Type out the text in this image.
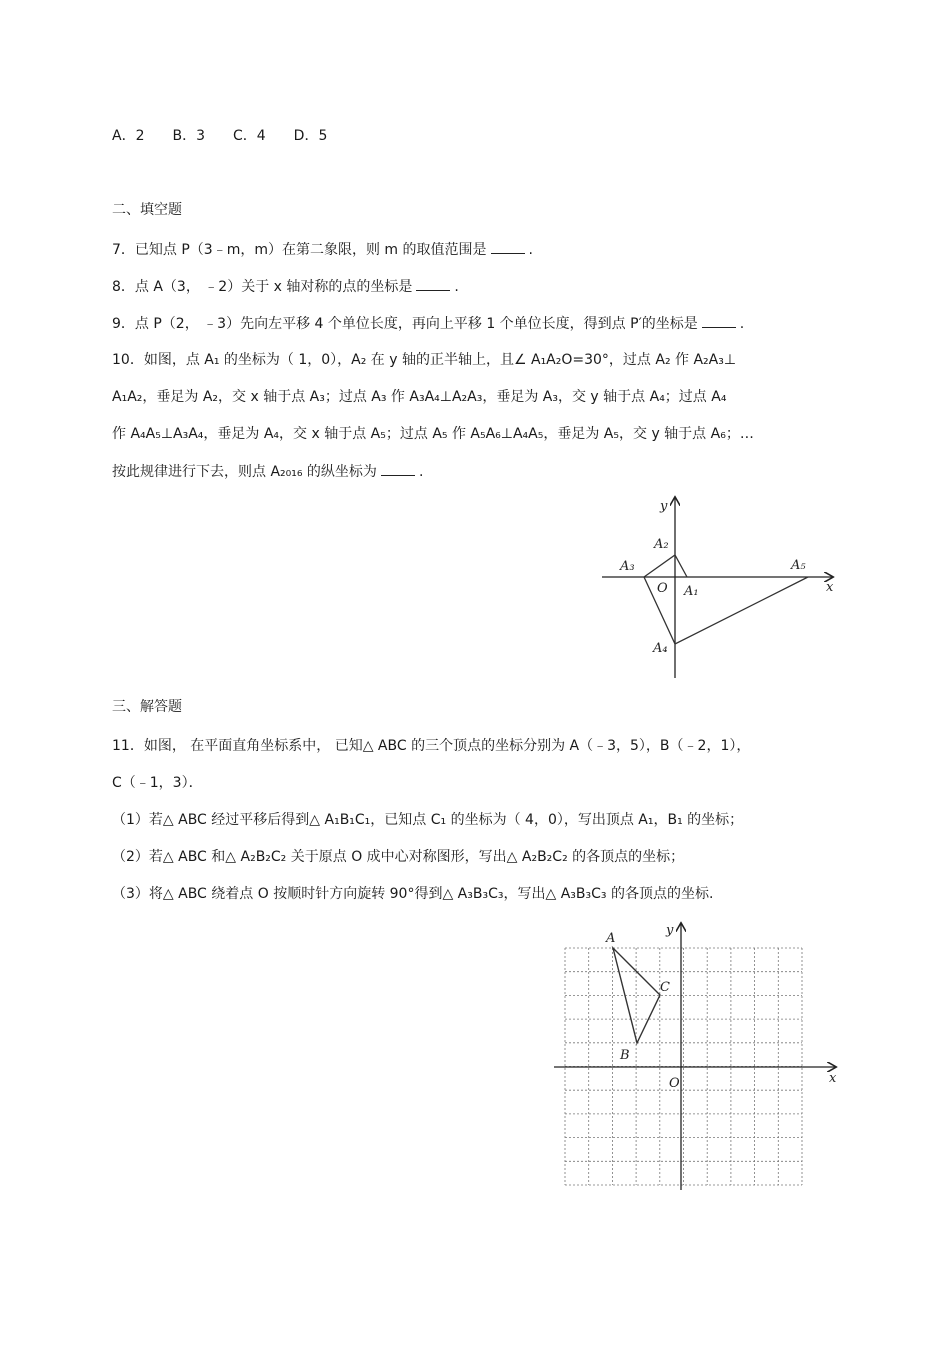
A．2　　B．3　　C．4　　D．5
二、填空题
7．已知点 P（3﹣m，m）在第二象限，则 m 的取值范围是	.
8．点 A（3， ﹣2）关于 x 轴对称的点的坐标是	.
9．点 P（2， ﹣3）先向左平移 4 个单位长度，再向上平移 1 个单位长度，得到点 P′的坐标是	.
10．如图，点 A₁ 的坐标为（ 1，0），A₂ 在 y 轴的正半轴上，且∠ A₁A₂O=30°，过点 A₂ 作 A₂A₃⊥
A₁A₂，垂足为 A₂，交 x 轴于点 A₃；过点 A₃ 作 A₃A₄⊥A₂A₃，垂足为 A₃，交 y 轴于点 A₄；过点 A₄
作 A₄A₅⊥A₃A₄，垂足为 A₄，交 x 轴于点 A₅；过点 A₅ 作 A₅A₆⊥A₄A₅，垂足为 A₅，交 y 轴于点 A₆；…
按此规律进行下去，则点 A₂₀₁₆ 的纵坐标为	.
y
x
O
A₂
A₃
A₁
A₅
A₄
三、解答题
11．如图， 在平面直角坐标系中， 已知△ ABC 的三个顶点的坐标分别为 A（﹣3，5），B（﹣2，1），
C（﹣1，3）．
（1）若△ ABC 经过平移后得到△ A₁B₁C₁，已知点 C₁ 的坐标为（ 4，0），写出顶点 A₁，B₁ 的坐标；
（2）若△ ABC 和△ A₂B₂C₂ 关于原点 O 成中心对称图形，写出△ A₂B₂C₂ 的各顶点的坐标；
（3）将△ ABC 绕着点 O 按顺时针方向旋转 90°得到△ A₃B₃C₃，写出△ A₃B₃C₃ 的各顶点的坐标.
y
x
O
A
B
C
